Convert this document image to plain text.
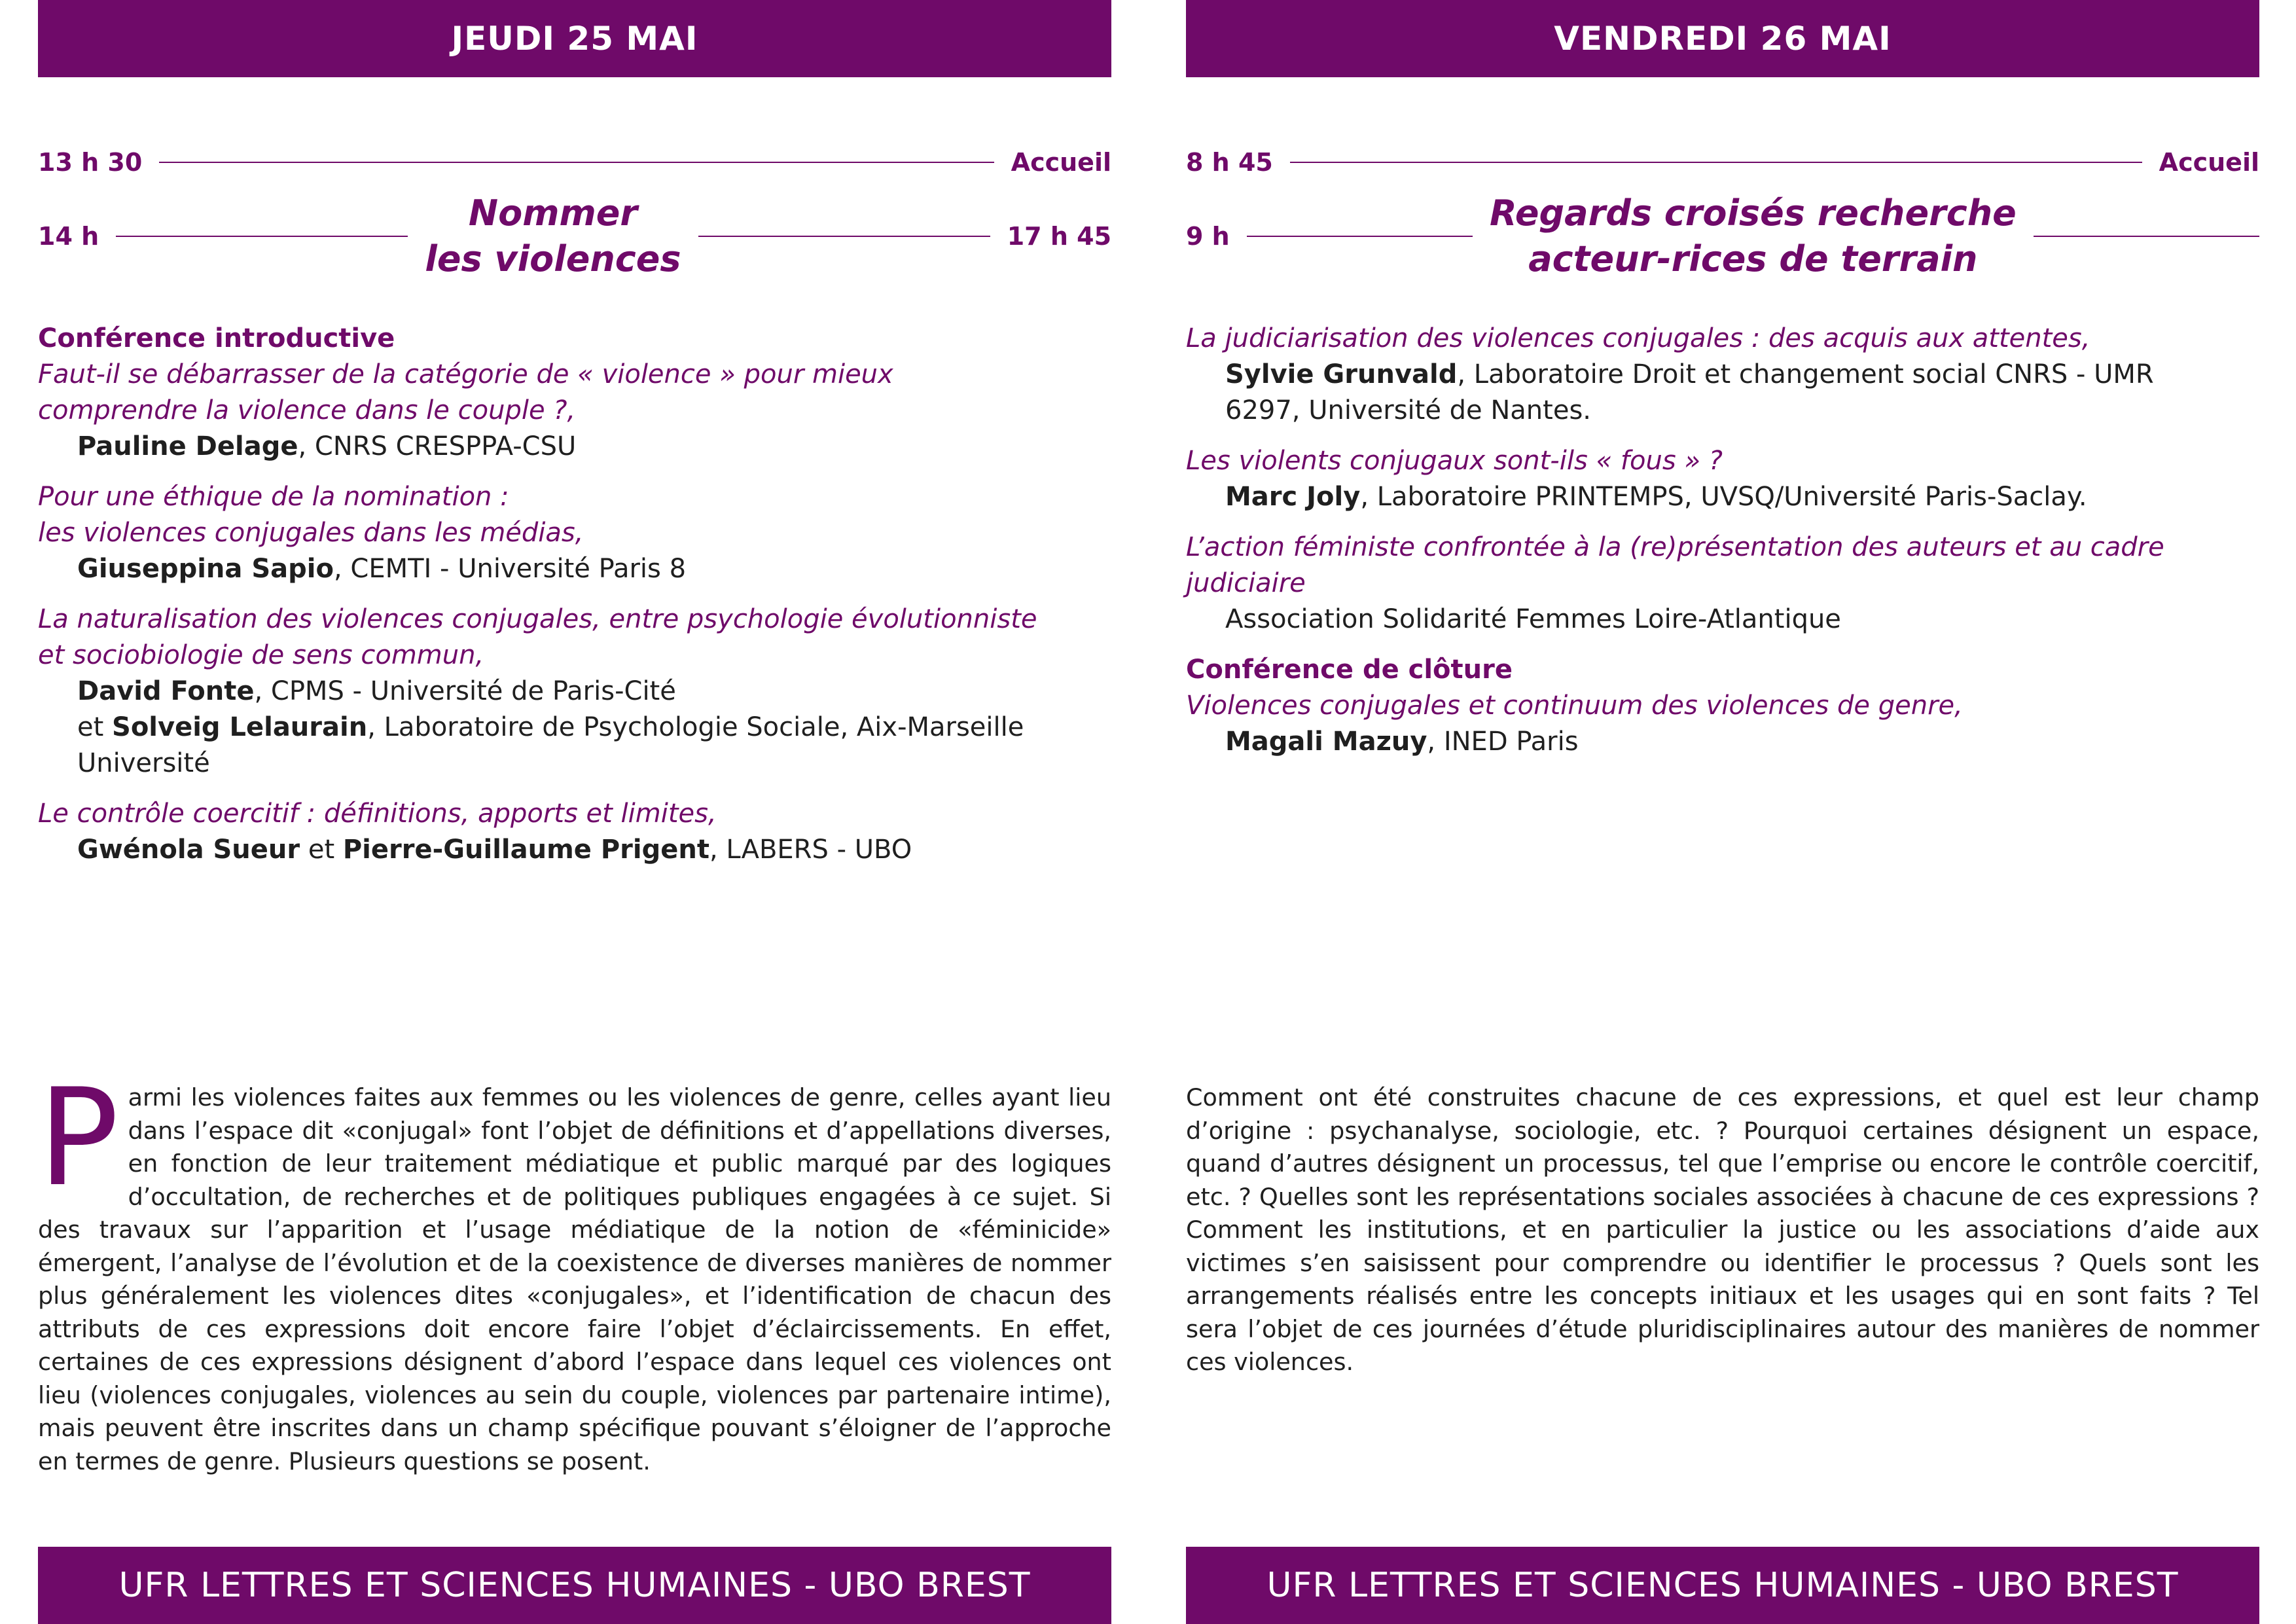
JEUDI 25 MAI
13 h 30	Accueil
14 h
Nommer
les violences
17 h 45
Conférence introductive
Faut-il se débarrasser de la catégorie de « violence » pour mieux
comprendre la violence dans le couple ?,
Pauline Delage, CNRS CRESPPA-CSU
Pour une éthique de la nomination :
les violences conjugales dans les médias,
Giuseppina Sapio, CEMTI - Université Paris 8
La naturalisation des violences conjugales, entre psychologie évolutionniste
et sociobiologie de sens commun,
David Fonte, CPMS - Université de Paris-Cité
et Solveig Lelaurain, Laboratoire de Psychologie Sociale, Aix-Marseille
Université
Le contrôle coercitif : définitions, apports et limites,
Gwénola Sueur et Pierre-Guillaume Prigent, LABERS - UBO
Parmi les violences faites aux femmes ou les violences de genre, celles ayant lieu dans l’espace dit «conjugal» font l’objet de définitions et d’appellations diverses, en fonction de leur traitement médiatique et public marqué par des logiques d’occultation, de recherches et de politiques publiques engagées à ce sujet. Si des travaux sur l’apparition et l’usage médiatique de la notion de «féminicide» émergent, l’analyse de l’évolution et de la coexistence de diverses manières de nommer plus généralement les violences dites «conjugales», et l’identification de chacun des attributs de ces expressions doit encore faire l’objet d’éclaircissements. En effet, certaines de ces expressions désignent d’abord l’espace dans lequel ces violences ont lieu (violences conjugales, violences au sein du couple, violences par partenaire intime), mais peuvent être inscrites dans un champ spécifique pouvant s’éloigner de l’approche en termes de genre. Plusieurs questions se posent.
UFR LETTRES ET SCIENCES HUMAINES - UBO BREST
VENDREDI 26 MAI
8 h 45	Accueil
9 h
Regards croisés recherche
acteur-rices de terrain
La judiciarisation des violences conjugales : des acquis aux attentes,
Sylvie Grunvald, Laboratoire Droit et changement social CNRS - UMR
6297, Université de Nantes.
Les violents conjugaux sont-ils « fous » ?
Marc Joly, Laboratoire PRINTEMPS, UVSQ/Université Paris-Saclay.
L’action féministe confrontée à la (re)présentation des auteurs et au cadre
judiciaire
Association Solidarité Femmes Loire-Atlantique
Conférence de clôture
Violences conjugales et continuum des violences de genre,
Magali Mazuy, INED Paris
Comment ont été construites chacune de ces expressions, et quel est leur champ d’origine : psychanalyse, sociologie, etc. ? Pourquoi certaines désignent un espace, quand d’autres désignent un processus, tel que l’emprise ou encore le contrôle coercitif, etc. ? Quelles sont les représentations sociales associées à chacune de ces expressions ? Comment les institutions, et en particulier la justice ou les associations d’aide aux victimes s’en saisissent pour comprendre ou identifier le processus ? Quels sont les arrangements réalisés entre les concepts initiaux et les usages qui en sont faits ? Tel sera l’objet de ces journées d’étude pluridisciplinaires autour des manières de nommer ces violences.
UFR LETTRES ET SCIENCES HUMAINES - UBO BREST
